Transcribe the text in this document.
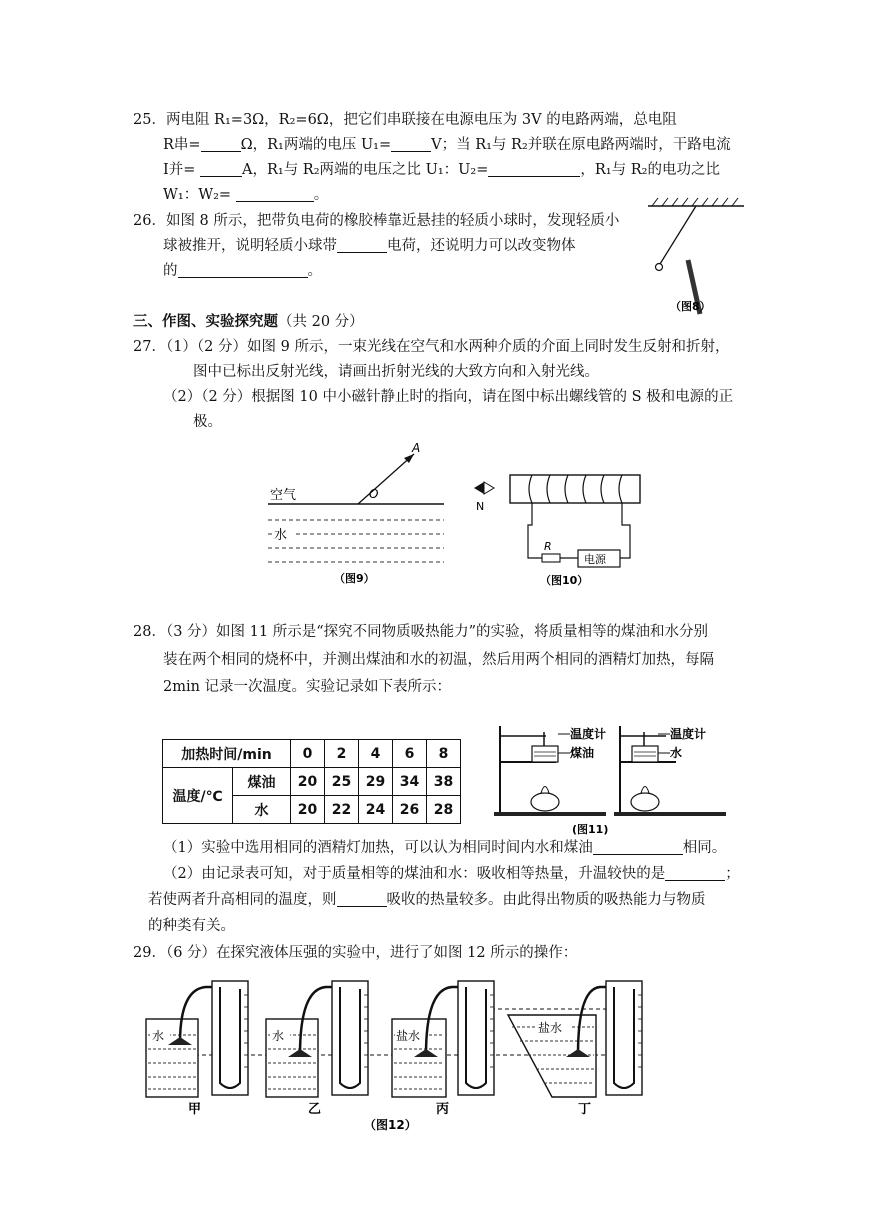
25．两电阻 R₁=3Ω，R₂=6Ω，把它们串联接在电源电压为 3V 的电路两端，总电阻
R串=	Ω，R₁两端的电压 U₁=	V；当 R₁与 R₂并联在原电路两端时，干路电流
I并=	A，R₁与 R₂两端的电压之比 U₁：U₂=	，R₁与 R₂的电功之比
W₁：W₂=	。
26．如图 8 所示，把带负电荷的橡胶棒靠近悬挂的轻质小球时，发现轻质小
球被推开，说明轻质小球带	电荷，还说明力可以改变物体
的	。
（图8）
三、作图、实验探究题（共 20 分）
27．（1）（2 分）如图 9 所示，一束光线在空气和水两种介质的介面上同时发生反射和折射，
图中已标出反射光线，请画出折射光线的大致方向和入射光线。
（2）（2 分）根据图 10 中小磁针静止时的指向，请在图中标出螺线管的 S 极和电源的正
极。
空气
水
O
A
（图9）
N
R
电源
（图10）
28．（3 分）如图 11 所示是“探究不同物质吸热能力”的实验，将质量相等的煤油和水分别
装在两个相同的烧杯中，并测出煤油和水的初温，然后用两个相同的酒精灯加热，每隔
2min 记录一次温度。实验记录如下表所示：
加热时间/min		0	2	4	6	8
温度/℃	煤油	20	25	29	34	38
	水	20	22	24	26	28
温度计
煤油
温度计
水
(图11)
（1）实验中选用相同的酒精灯加热，可以认为相同时间内水和煤油	相同。
（2）由记录表可知，对于质量相等的煤油和水：吸收相等热量，升温较快的是	；
若使两者升高相同的温度，则	吸收的热量较多。由此得出物质的吸热能力与物质
的种类有关。
29．（6 分）在探究液体压强的实验中，进行了如图 12 所示的操作：
水
甲
水
乙
盐水
丙
盐水
丁
（图12）
